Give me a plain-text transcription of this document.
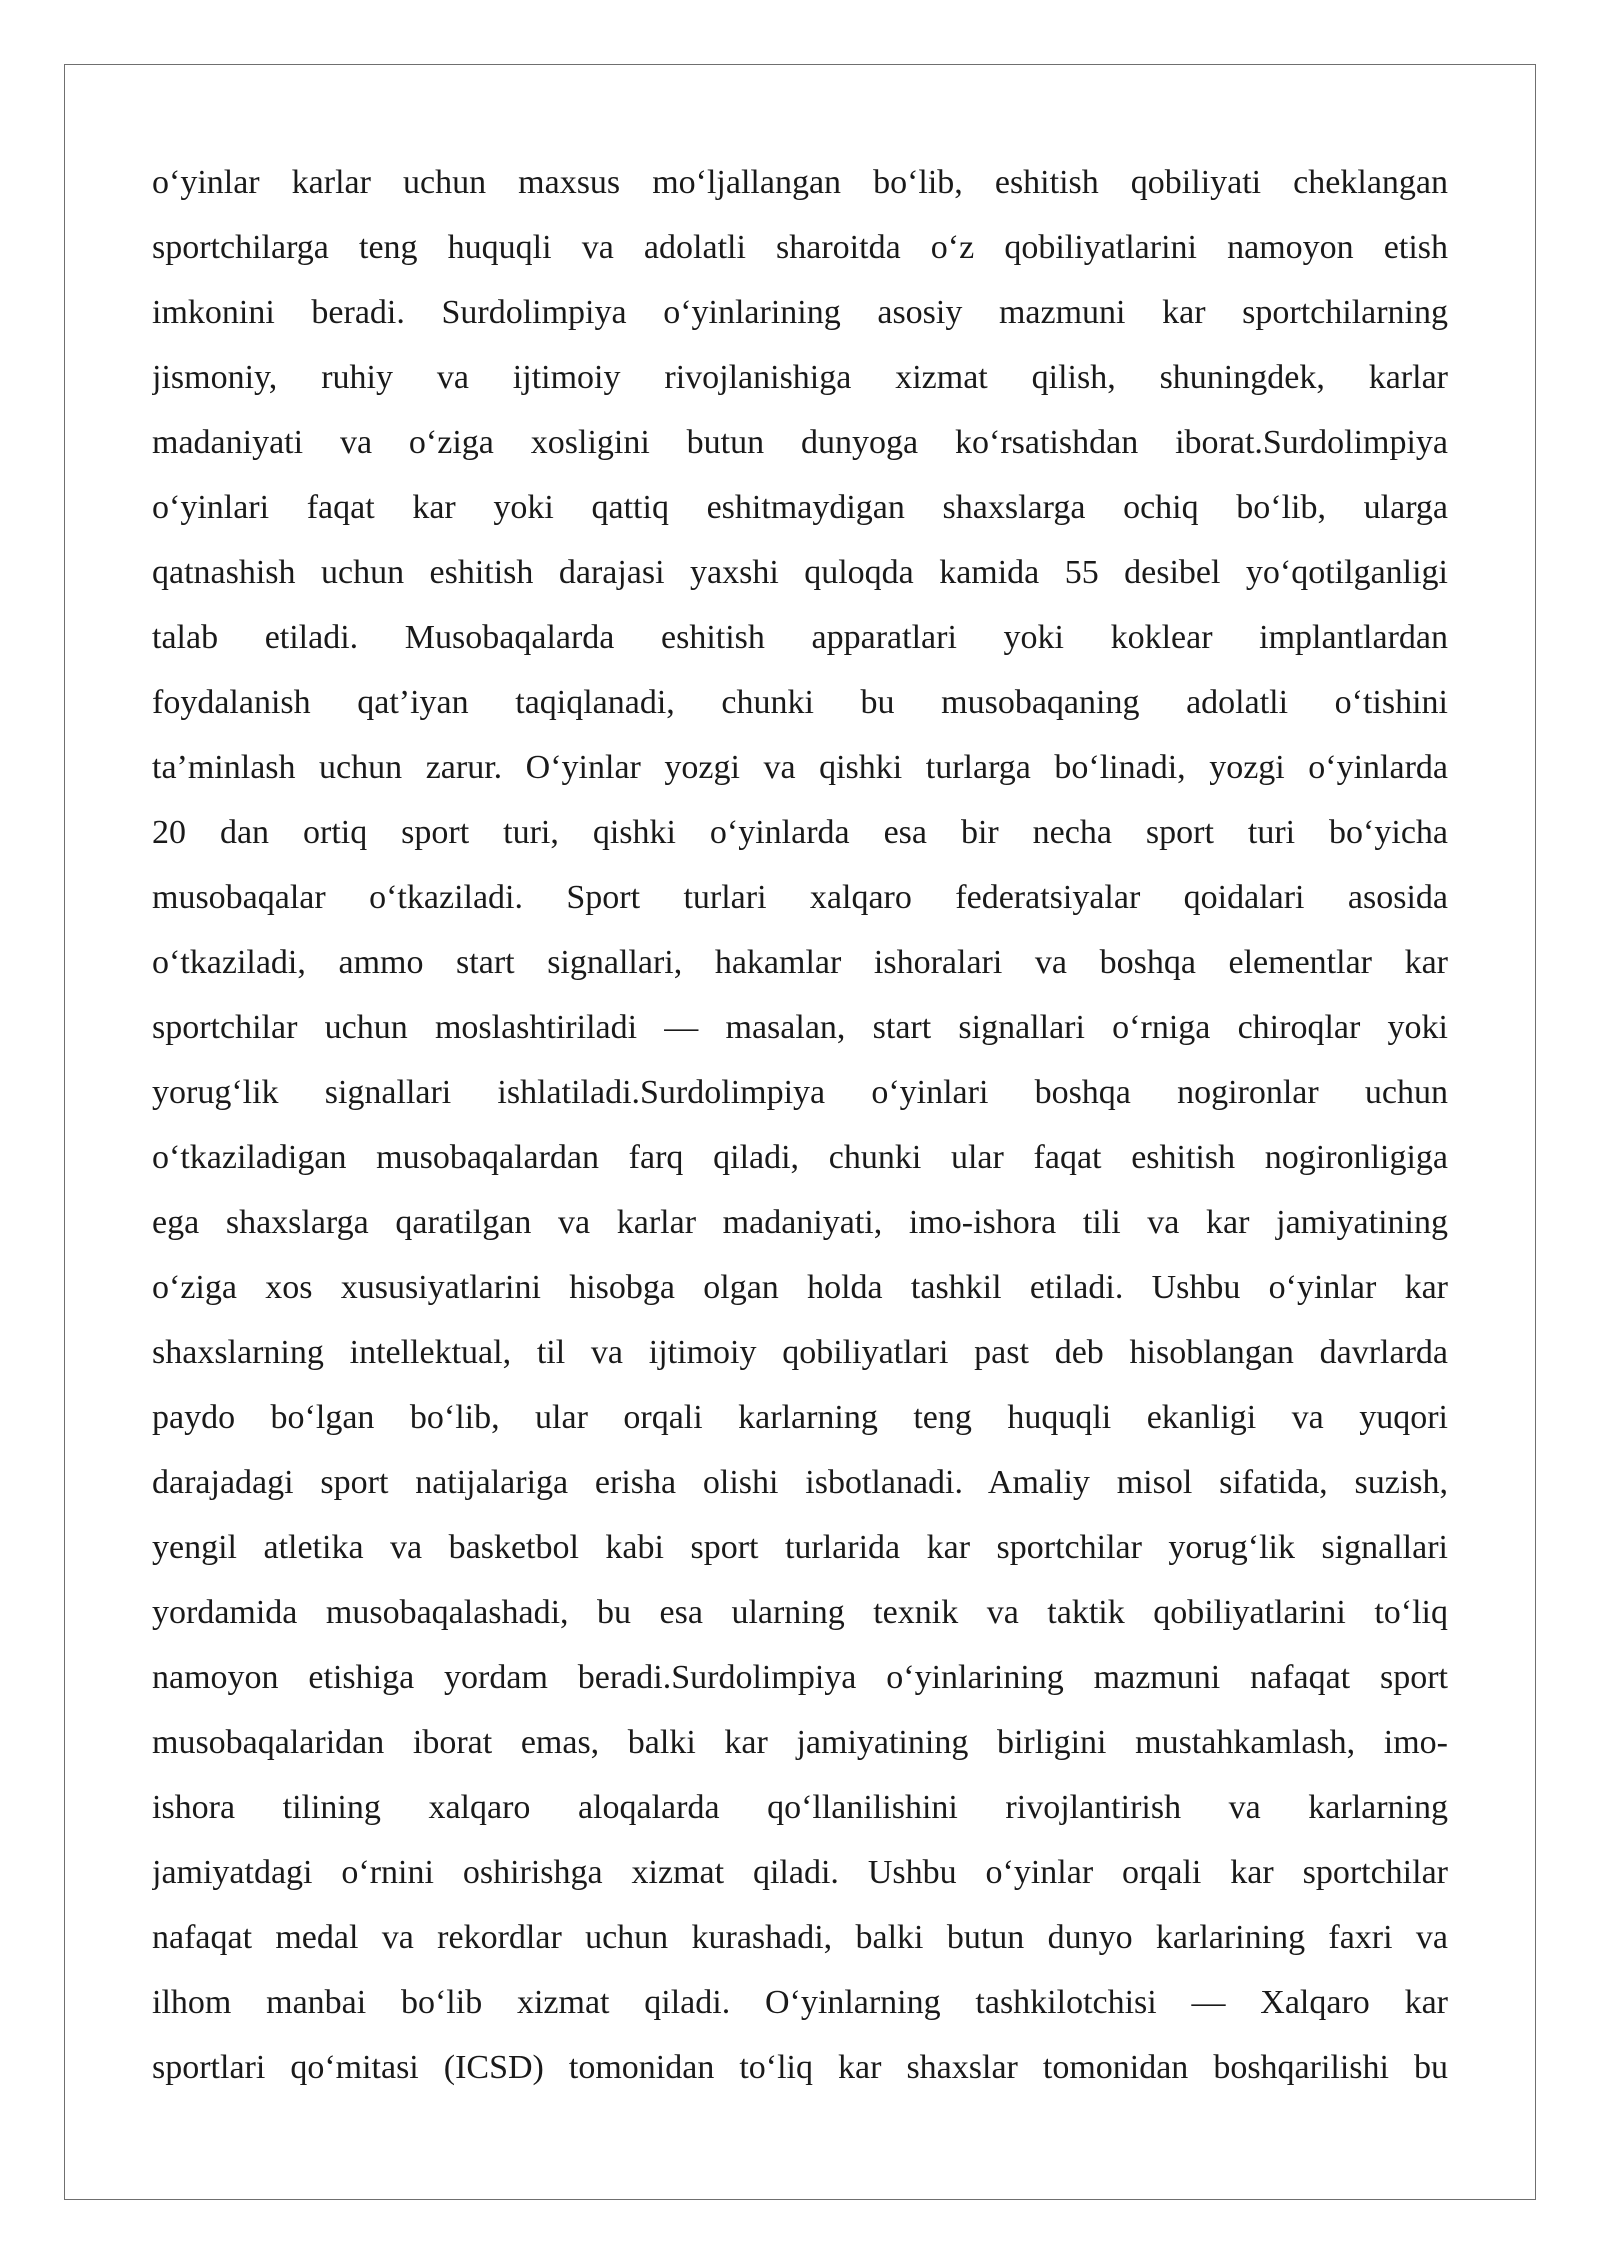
o‘yinlar karlar uchun maxsus mo‘ljallangan bo‘lib, eshitish qobiliyati cheklangan
sportchilarga teng huquqli va adolatli sharoitda o‘z qobiliyatlarini namoyon etish
imkonini beradi. Surdolimpiya o‘yinlarining asosiy mazmuni kar sportchilarning
jismoniy, ruhiy va ijtimoiy rivojlanishiga xizmat qilish, shuningdek, karlar
madaniyati va o‘ziga xosligini butun dunyoga ko‘rsatishdan iborat.Surdolimpiya
o‘yinlari faqat kar yoki qattiq eshitmaydigan shaxslarga ochiq bo‘lib, ularga
qatnashish uchun eshitish darajasi yaxshi quloqda kamida 55 desibel yo‘qotilganligi
talab etiladi. Musobaqalarda eshitish apparatlari yoki koklear implantlardan
foydalanish qat’iyan taqiqlanadi, chunki bu musobaqaning adolatli o‘tishini
ta’minlash uchun zarur. O‘yinlar yozgi va qishki turlarga bo‘linadi, yozgi o‘yinlarda
20 dan ortiq sport turi, qishki o‘yinlarda esa bir necha sport turi bo‘yicha
musobaqalar o‘tkaziladi. Sport turlari xalqaro federatsiyalar qoidalari asosida
o‘tkaziladi, ammo start signallari, hakamlar ishoralari va boshqa elementlar kar
sportchilar uchun moslashtiriladi — masalan, start signallari o‘rniga chiroqlar yoki
yorug‘lik signallari ishlatiladi.Surdolimpiya o‘yinlari boshqa nogironlar uchun
o‘tkaziladigan musobaqalardan farq qiladi, chunki ular faqat eshitish nogironligiga
ega shaxslarga qaratilgan va karlar madaniyati, imo-ishora tili va kar jamiyatining
o‘ziga xos xususiyatlarini hisobga olgan holda tashkil etiladi. Ushbu o‘yinlar kar
shaxslarning intellektual, til va ijtimoiy qobiliyatlari past deb hisoblangan davrlarda
paydo bo‘lgan bo‘lib, ular orqali karlarning teng huquqli ekanligi va yuqori
darajadagi sport natijalariga erisha olishi isbotlanadi. Amaliy misol sifatida, suzish,
yengil atletika va basketbol kabi sport turlarida kar sportchilar yorug‘lik signallari
yordamida musobaqalashadi, bu esa ularning texnik va taktik qobiliyatlarini to‘liq
namoyon etishiga yordam beradi.Surdolimpiya o‘yinlarining mazmuni nafaqat sport
musobaqalaridan iborat emas, balki kar jamiyatining birligini mustahkamlash, imo-
ishora tilining xalqaro aloqalarda qo‘llanilishini rivojlantirish va karlarning
jamiyatdagi o‘rnini oshirishga xizmat qiladi. Ushbu o‘yinlar orqali kar sportchilar
nafaqat medal va rekordlar uchun kurashadi, balki butun dunyo karlarining faxri va
ilhom manbai bo‘lib xizmat qiladi. O‘yinlarning tashkilotchisi — Xalqaro kar
sportlari qo‘mitasi (ICSD) tomonidan to‘liq kar shaxslar tomonidan boshqarilishi bu
